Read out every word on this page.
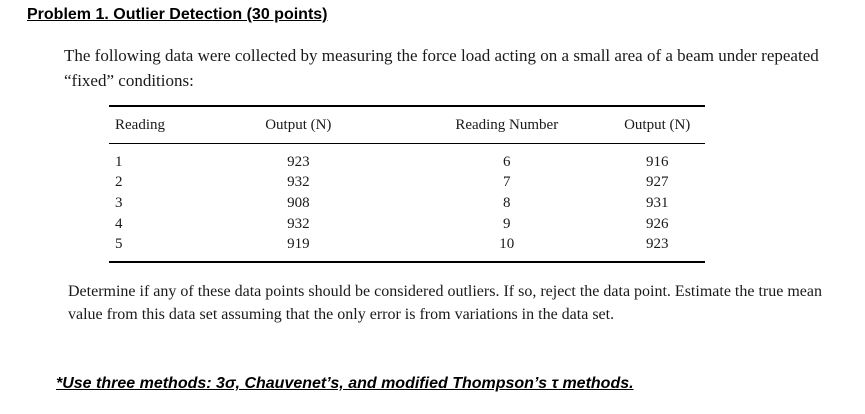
Problem 1. Outlier Detection (30 points)

The following data were collected by measuring the force load acting on a small area of a beam under repeated “fixed” conditions:

Reading	Output (N)	Reading Number	Output (N)
1	923	6	916
2	932	7	927
3	908	8	931
4	932	9	926
5	919	10	923

Determine if any of these data points should be considered outliers. If so, reject the data point. Estimate the true mean value from this data set assuming that the only error is from variations in the data set.

*Use three methods: 3σ, Chauvenet’s, and modified Thompson’s τ methods.
